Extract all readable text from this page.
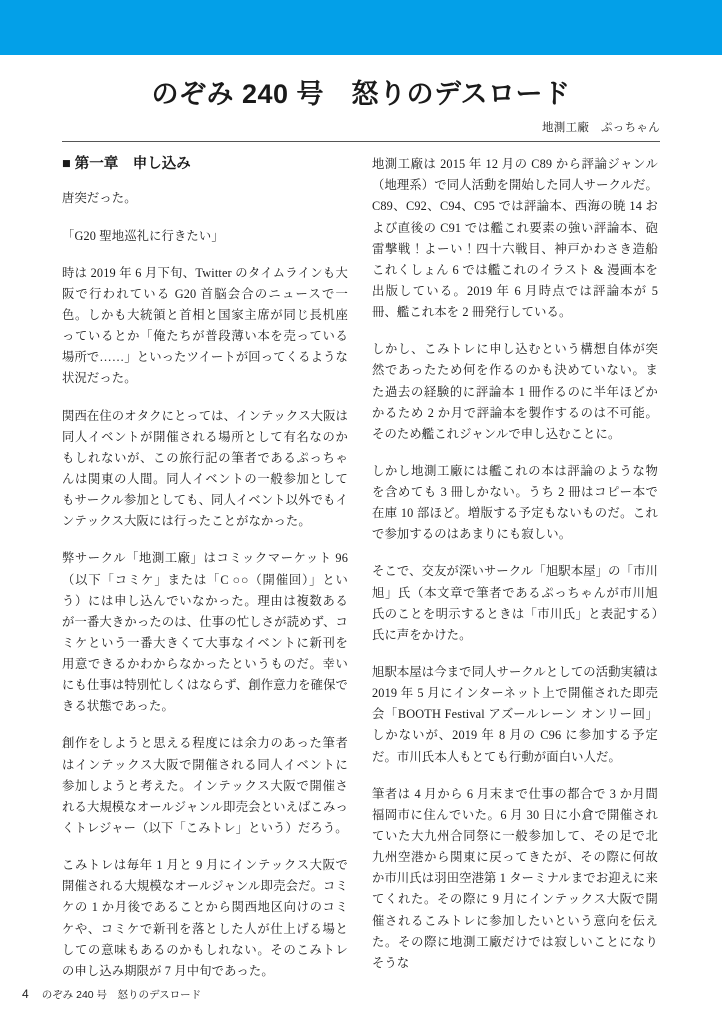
のぞみ 240 号　怒りのデスロード
地測工廠　ぷっちゃん
■ 第一章　申し込み

唐突だった。

「G20 聖地巡礼に行きたい」

時は 2019 年 6 月下旬、Twitter のタイムラインも大阪で行われている G20 首脳会合のニュースで一色。しかも大統領と首相と国家主席が同じ長机座っているとか「俺たちが普段薄い本を売っている場所で……」といったツイートが回ってくるような状況だった。

関西在住のオタクにとっては、インテックス大阪は同人イベントが開催される場所として有名なのかもしれないが、この旅行記の筆者であるぷっちゃんは関東の人間。同人イベントの一般参加としてもサークル参加としても、同人イベント以外でもインテックス大阪には行ったことがなかった。

弊サークル「地測工廠」はコミックマーケット 96（以下「コミケ」または「C ○○（開催回）」という）には申し込んでいなかった。理由は複数あるが一番大きかったのは、仕事の忙しさが読めず、コミケという一番大きくて大事なイベントに新刊を用意できるかわからなかったというものだ。幸いにも仕事は特別忙しくはならず、創作意力を確保できる状態であった。

創作をしようと思える程度には余力のあった筆者はインテックス大阪で開催される同人イベントに参加しようと考えた。インテックス大阪で開催される大規模なオールジャンル即売会といえばこみっくトレジャー（以下「こみトレ」という）だろう。

こみトレは毎年 1 月と 9 月にインテックス大阪で開催される大規模なオールジャンル即売会だ。コミケの 1 か月後であることから関西地区向けのコミケや、コミケで新刊を落とした人が仕上げる場としての意味もあるのかもしれない。そのこみトレの申し込み期限が 7 月中旬であった。

地測工廠は 2015 年 12 月の C89 から評論ジャンル（地理系）で同人活動を開始した同人サークルだ。C89、C92、C94、C95 では評論本、西海の暁 14 および直後の C91 では艦これ要素の強い評論本、砲雷撃戦！よーい！四十六戦目、神戸かわさき造船これくしょん 6 では艦これのイラスト & 漫画本を出版している。2019 年 6 月時点では評論本が 5 冊、艦これ本を 2 冊発行している。

しかし、こみトレに申し込むという構想自体が突然であったため何を作るのかも決めていない。また過去の経験的に評論本 1 冊作るのに半年ほどかかるため 2 か月で評論本を製作するのは不可能。そのため艦これジャンルで申し込むことに。

しかし地測工廠には艦これの本は評論のような物を含めても 3 冊しかない。うち 2 冊はコピー本で在庫 10 部ほど。増版する予定もないものだ。これで参加するのはあまりにも寂しい。

そこで、交友が深いサークル「旭駅本屋」の「市川旭」氏（本文章で筆者であるぷっちゃんが市川旭氏のことを明示するときは「市川氏」と表記する）氏に声をかけた。

旭駅本屋は今まで同人サークルとしての活動実績は 2019 年 5 月にインターネット上で開催された即売会「BOOTH Festival アズールレーン オンリー回」しかないが、2019 年 8 月の C96 に参加する予定だ。市川氏本人もとても行動が面白い人だ。

筆者は 4 月から 6 月末まで仕事の都合で 3 か月間福岡市に住んでいた。6 月 30 日に小倉で開催されていた大九州合同祭に一般参加して、その足で北九州空港から関東に戻ってきたが、その際に何故か市川氏は羽田空港第 1 ターミナルまでお迎えに来てくれた。その際に 9 月にインテックス大阪で開催されるこみトレに参加したいという意向を伝えた。その際に地測工廠だけでは寂しいことになりそうな

4 のぞみ 240 号　怒りのデスロード
